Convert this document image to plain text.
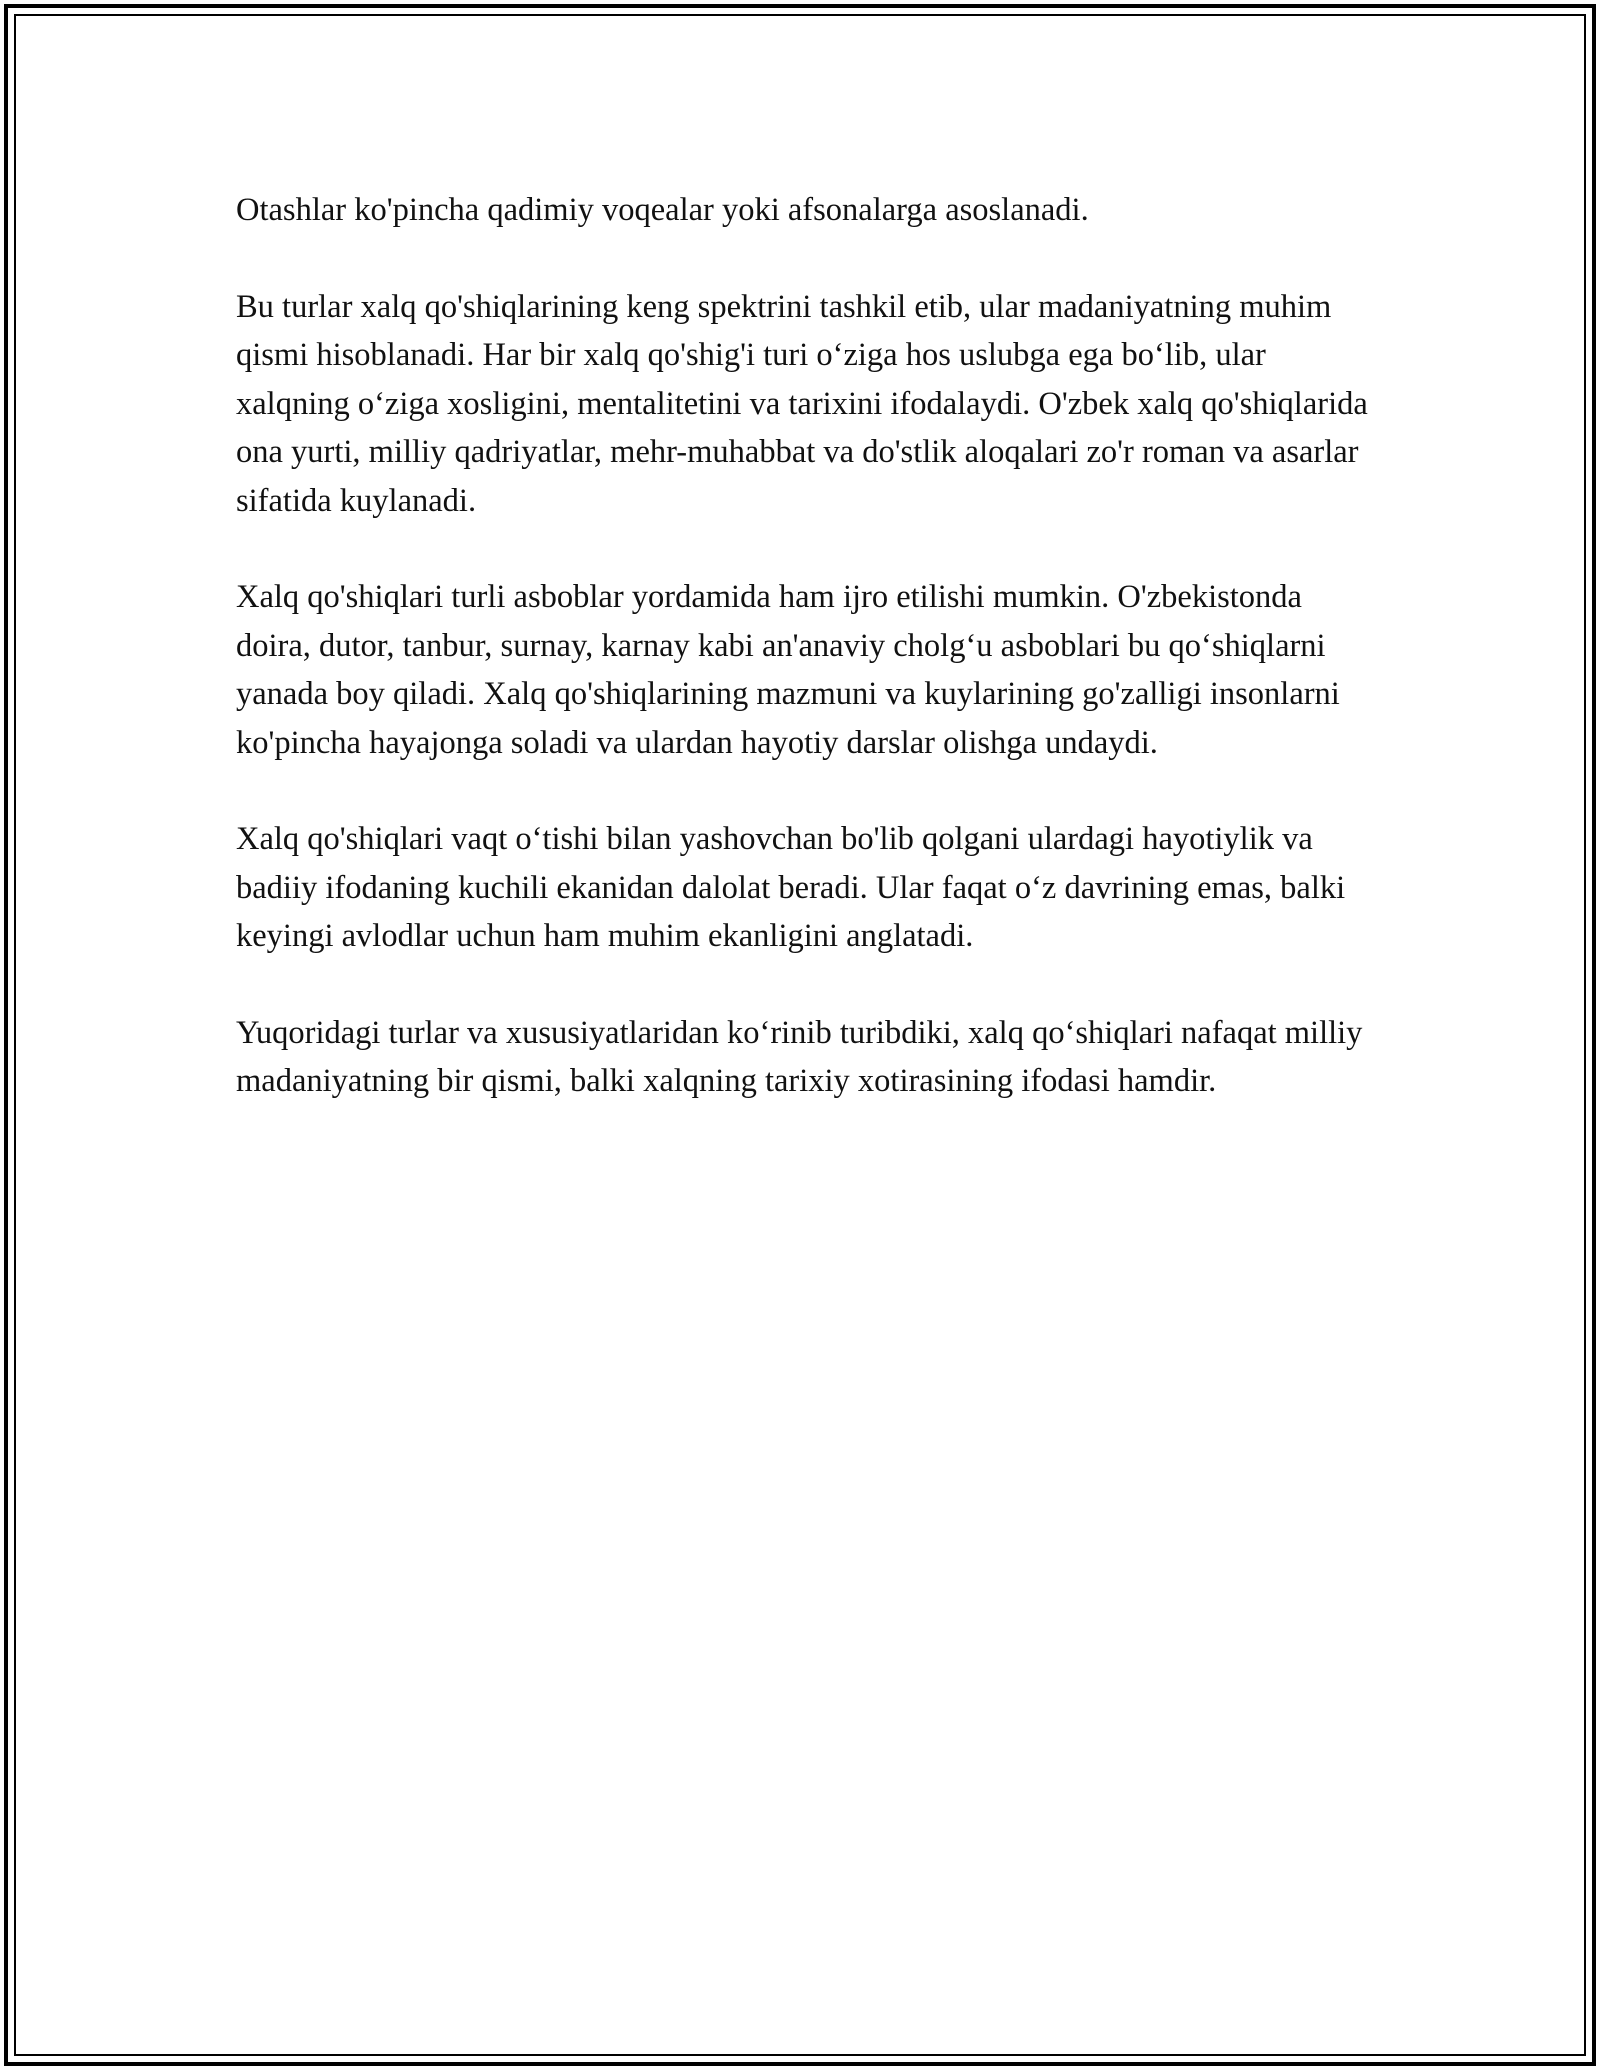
Otashlar ko'pincha qadimiy voqealar yoki afsonalarga asoslanadi.

Bu turlar xalq qo'shiqlarining keng spektrini tashkil etib, ular madaniyatning muhim qismi hisoblanadi. Har bir xalq qo'shig'i turi o‘ziga hos uslubga ega bo‘lib, ular xalqning o‘ziga xosligini, mentalitetini va tarixini ifodalaydi. O'zbek xalq qo'shiqlarida ona yurti, milliy qadriyatlar, mehr-muhabbat va do'stlik aloqalari zo'r roman va asarlar sifatida kuylanadi.

Xalq qo'shiqlari turli asboblar yordamida ham ijro etilishi mumkin. O'zbekistonda doira, dutor, tanbur, surnay, karnay kabi an'anaviy cholg‘u asboblari bu qo‘shiqlarni yanada boy qiladi. Xalq qo'shiqlarining mazmuni va kuylarining go'zalligi insonlarni ko'pincha hayajonga soladi va ulardan hayotiy darslar olishga undaydi.

Xalq qo'shiqlari vaqt o‘tishi bilan yashovchan bo'lib qolgani ulardagi hayotiylik va badiiy ifodaning kuchili ekanidan dalolat beradi. Ular faqat o‘z davrining emas, balki keyingi avlodlar uchun ham muhim ekanligini anglatadi.

Yuqoridagi turlar va xususiyatlaridan ko‘rinib turibdiki, xalq qo‘shiqlari nafaqat milliy madaniyatning bir qismi, balki xalqning tarixiy xotirasining ifodasi hamdir.
